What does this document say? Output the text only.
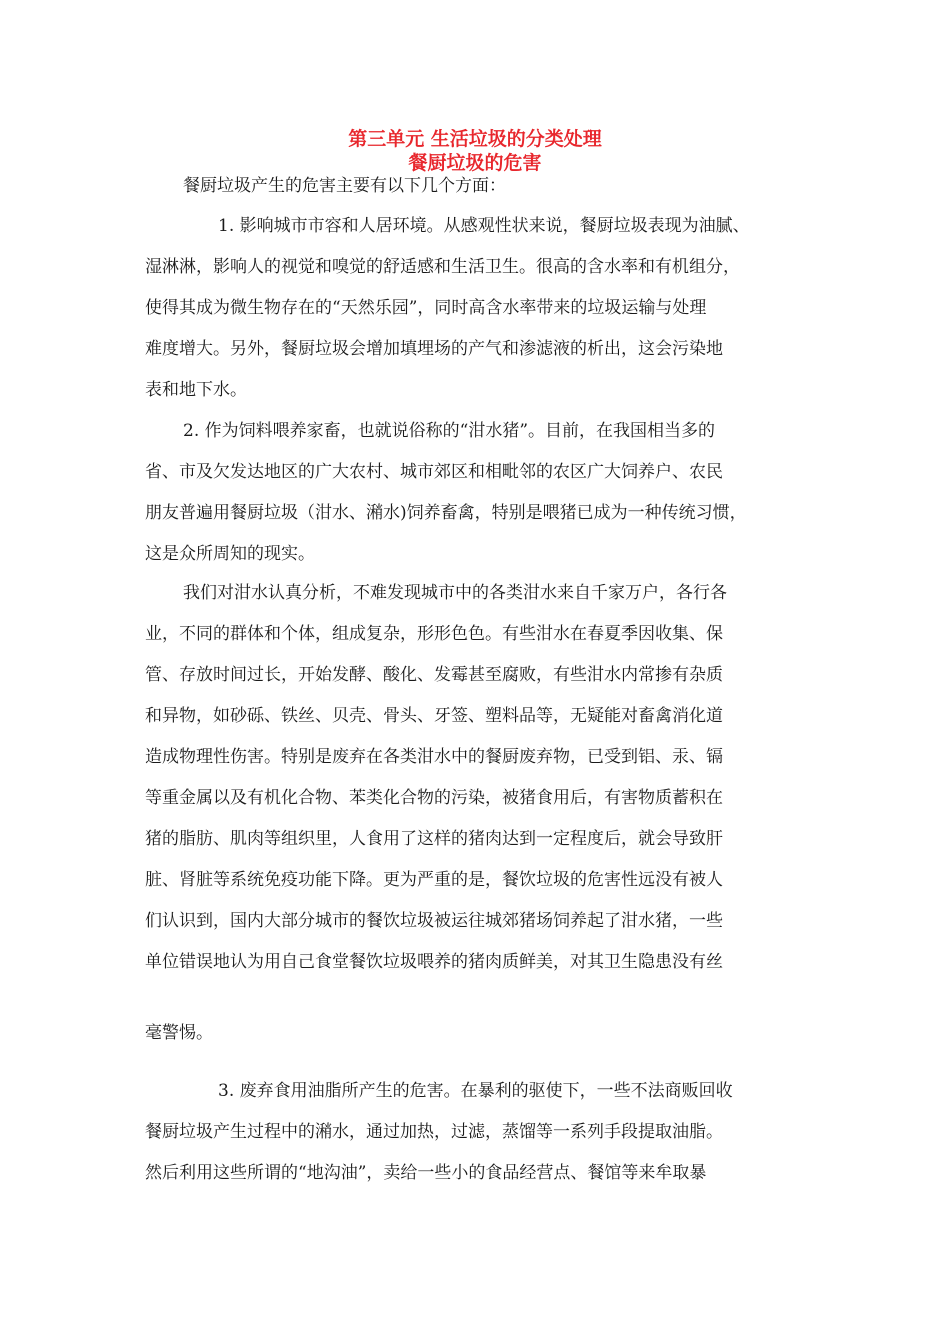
第三单元 生活垃圾的分类处理
餐厨垃圾的危害

餐厨垃圾产生的危害主要有以下几个方面：

1. 影响城市市容和人居环境。从感观性状来说，餐厨垃圾表现为油腻、
湿淋淋，影响人的视觉和嗅觉的舒适感和生活卫生。很高的含水率和有机组分，
使得其成为微生物存在的“天然乐园”，同时高含水率带来的垃圾运输与处理
难度增大。另外，餐厨垃圾会增加填埋场的产气和渗滤液的析出，这会污染地
表和地下水。

2. 作为饲料喂养家畜，也就说俗称的“泔水猪”。目前，在我国相当多的
省、市及欠发达地区的广大农村、城市郊区和相毗邻的农区广大饲养户、农民
朋友普遍用餐厨垃圾（泔水、潲水)饲养畜禽，特别是喂猪已成为一种传统习惯，
这是众所周知的现实。

我们对泔水认真分析，不难发现城市中的各类泔水来自千家万户，各行各
业，不同的群体和个体，组成复杂，形形色色。有些泔水在春夏季因收集、保
管、存放时间过长，开始发酵、酸化、发霉甚至腐败，有些泔水内常掺有杂质
和异物，如砂砾、铁丝、贝壳、骨头、牙签、塑料品等，无疑能对畜禽消化道
造成物理性伤害。特别是废弃在各类泔水中的餐厨废弃物，已受到铝、汞、镉
等重金属以及有机化合物、苯类化合物的污染，被猪食用后，有害物质蓄积在
猪的脂肪、肌肉等组织里，人食用了这样的猪肉达到一定程度后，就会导致肝
脏、肾脏等系统免疫功能下降。更为严重的是，餐饮垃圾的危害性远没有被人
们认识到，国内大部分城市的餐饮垃圾被运往城郊猪场饲养起了泔水猪，一些
单位错误地认为用自己食堂餐饮垃圾喂养的猪肉质鲜美，对其卫生隐患没有丝

毫警惕。

3. 废弃食用油脂所产生的危害。在暴利的驱使下，一些不法商贩回收
餐厨垃圾产生过程中的潲水，通过加热，过滤，蒸馏等一系列手段提取油脂。
然后利用这些所谓的“地沟油”，卖给一些小的食品经营点、餐馆等来牟取暴
